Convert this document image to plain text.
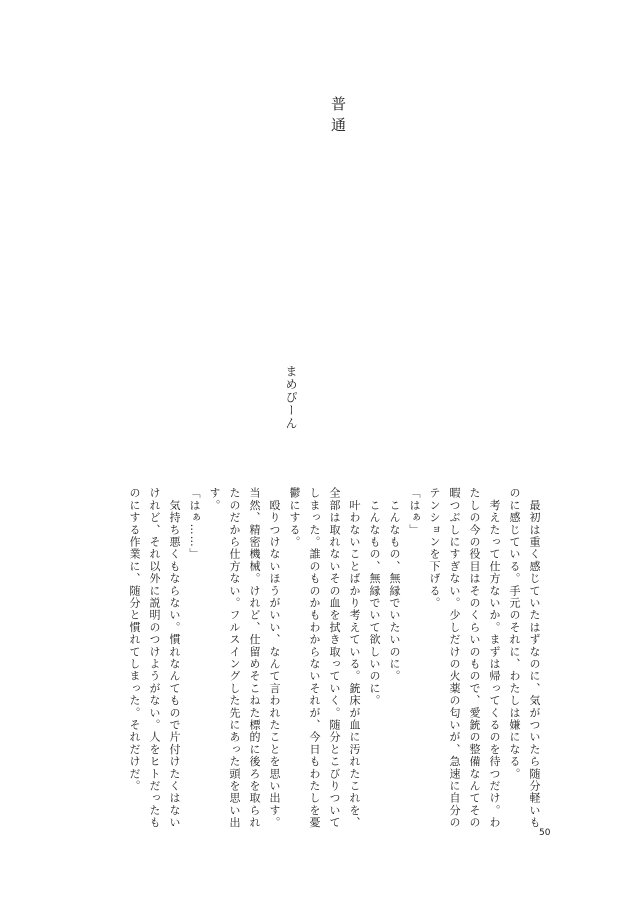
普通
まめぴーん

　最初は重く感じていたはずなのに、気がついたら随分軽いものに感じている。手元のそれに、わたしは嫌になる。

　考えたって仕方ないか。まずは帰ってくるのを待つだけ。わたしの今の役目はそのくらいのもので、愛銃の整備なんてその暇つぶしにすぎない。少しだけの火薬の匂いが、急速に自分のテンションを下げる。

「はぁ」

　こんなもの、無縁でいたいのに。

　こんなもの、無縁でいて欲しいのに。

　叶わないことばかり考えている。銃床が血に汚れたこれを、全部は取れないその血を拭き取っていく。随分とこびりついてしまった。誰のものかもわからないそれが、今日もわたしを憂鬱にする。

　殴りつけないほうがいい、なんて言われたことを思い出す。当然、精密機械。けれど、仕留めそこねた標的に後ろを取られたのだから仕方ない。フルスイングした先にあった頭を思い出す。

「はぁ……」

　気持ち悪くもならない。慣れなんてもので片付けたくはないけれど、それ以外に説明のつけようがない。人をヒトだったものにする作業に、随分と慣れてしまった。それだけだ。

50
